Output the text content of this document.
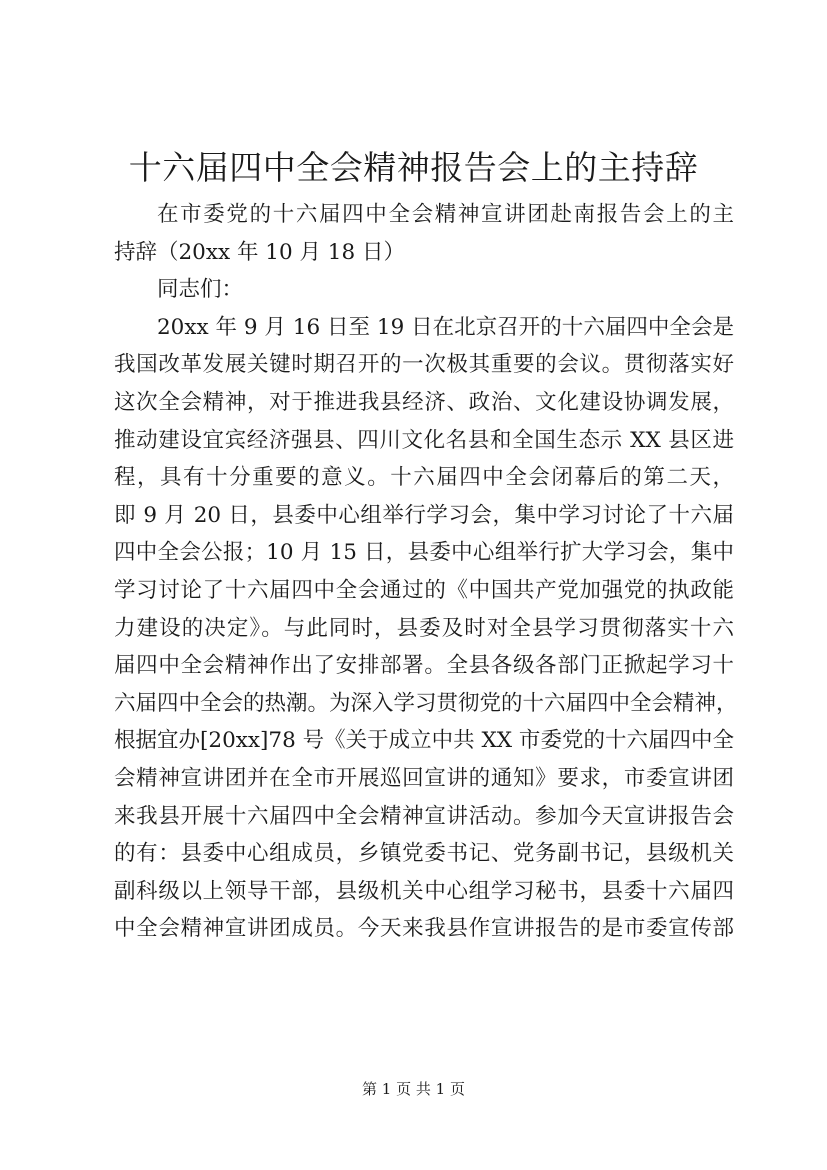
十六届四中全会精神报告会上的主持辞
在市委党的十六届四中全会精神宣讲团赴南报告会上的主
持辞（20xx 年 10 月 18 日）
同志们：
20xx 年 9 月 16 日至 19 日在北京召开的十六届四中全会是
我国改革发展关键时期召开的一次极其重要的会议。贯彻落实好
这次全会精神，对于推进我县经济、政治、文化建设协调发展，
推动建设宜宾经济强县、四川文化名县和全国生态示 XX 县区进
程，具有十分重要的意义。十六届四中全会闭幕后的第二天，
即 9 月 20 日，县委中心组举行学习会，集中学习讨论了十六届
四中全会公报；10 月 15 日，县委中心组举行扩大学习会，集中
学习讨论了十六届四中全会通过的《中国共产党加强党的执政能
力建设的决定》。与此同时，县委及时对全县学习贯彻落实十六
届四中全会精神作出了安排部署。全县各级各部门正掀起学习十
六届四中全会的热潮。为深入学习贯彻党的十六届四中全会精神，
根据宜办[20xx]78 号《关于成立中共 XX 市委党的十六届四中全
会精神宣讲团并在全市开展巡回宣讲的通知》要求，市委宣讲团
来我县开展十六届四中全会精神宣讲活动。参加今天宣讲报告会
的有：县委中心组成员，乡镇党委书记、党务副书记，县级机关
副科级以上领导干部，县级机关中心组学习秘书，县委十六届四
中全会精神宣讲团成员。今天来我县作宣讲报告的是市委宣传部
第 1 页 共 1 页
